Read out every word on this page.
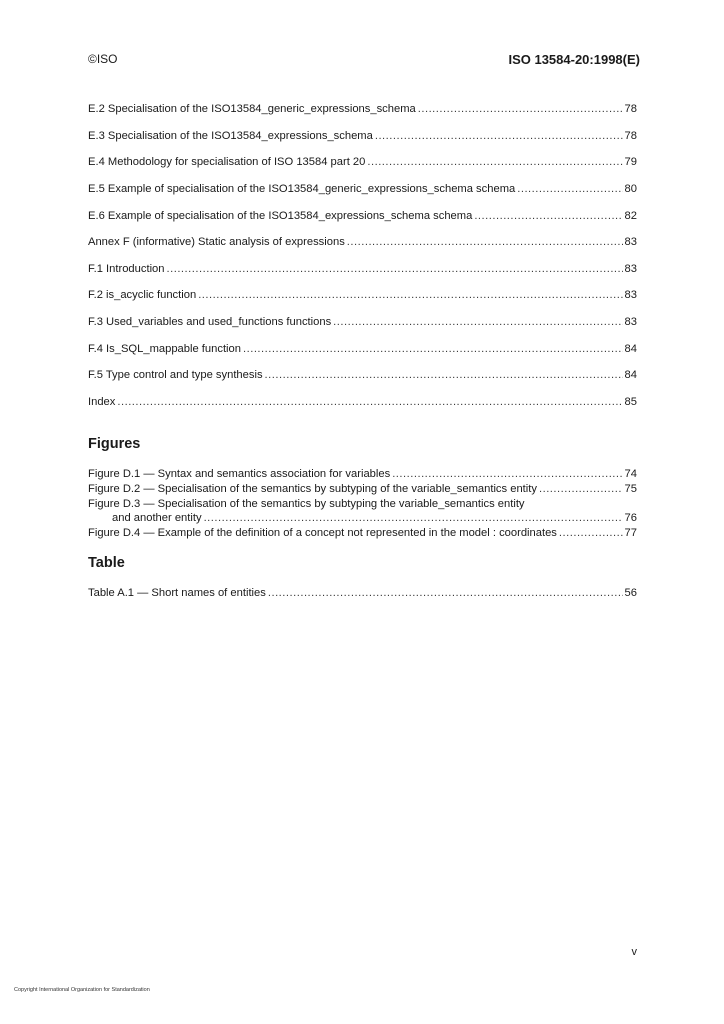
©ISO	ISO 13584-20:1998(E)
E.2 Specialisation of the ISO13584_generic_expressions_schema .....	78
E.3 Specialisation of the ISO13584_expressions_schema .....	78
E.4 Methodology for specialisation of ISO 13584 part 20 .....	79
E.5 Example of specialisation of the ISO13584_generic_expressions_schema schema .....	80
E.6 Example of specialisation of the ISO13584_expressions_schema schema .....	82
Annex F (informative) Static analysis of expressions .....	83
F.1 Introduction .....	83
F.2 is_acyclic function .....	83
F.3 Used_variables and used_functions functions .....	83
F.4 Is_SQL_mappable function .....	84
F.5 Type control and type synthesis .....	84
Index .....	85
Figures
Figure D.1 — Syntax and semantics association for variables .....	74
Figure D.2 — Specialisation of the semantics by subtyping of the variable_semantics entity .....	75
Figure D.3 — Specialisation of the semantics by subtyping the variable_semantics entity
and another entity .....	76
Figure D.4 — Example of the definition of a concept not represented in the model : coordinates .....	77
Table
Table A.1 — Short names of entities .....	56
v
Copyright International Organization for Standardization
